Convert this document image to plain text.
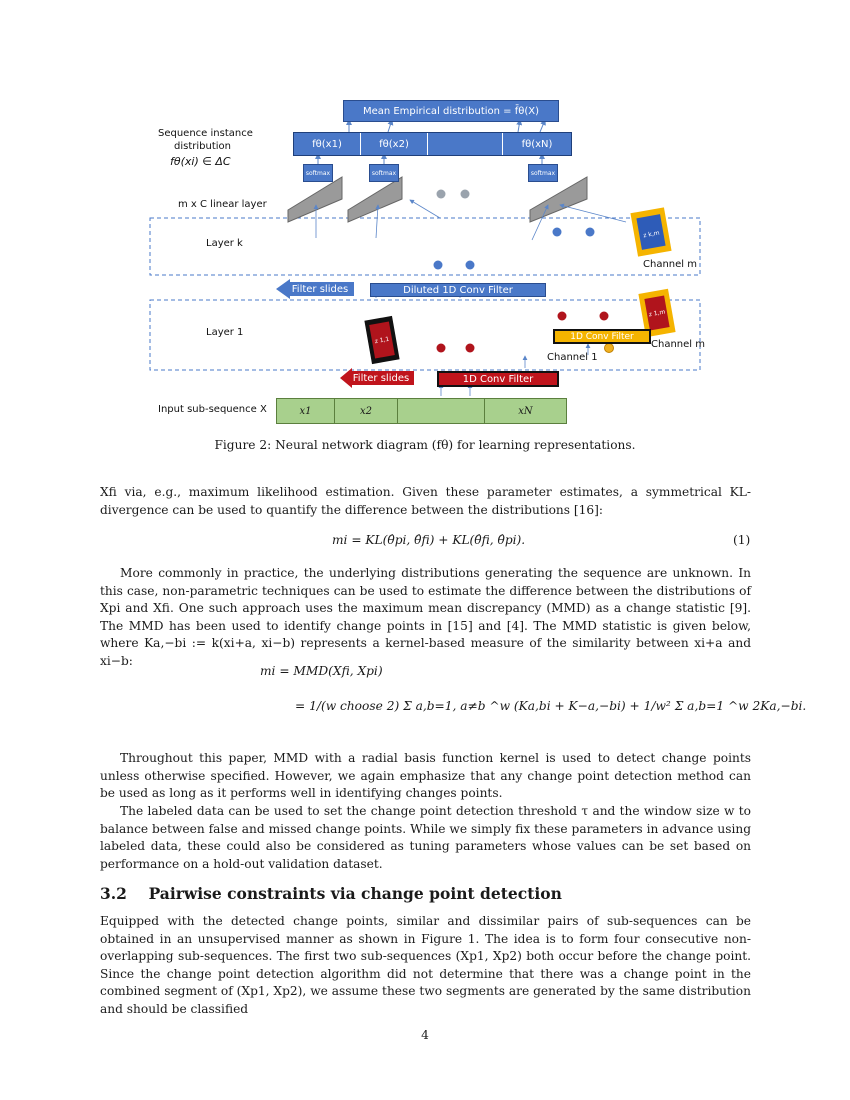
z k,m
z 1,m
z 1,1
Mean Empirical distribution = f̄θ(X)
fθ(x1)	fθ(x2)	fθ(xN)
Sequence instance
distribution
fθ(xi) ∈ ΔC
softmax	softmax	softmax
m x C linear layer
Layer k
Channel m
Filter slides	Diluted 1D Conv Filter
Layer 1	1D Conv Filter
Channel m
Channel 1
Filter slides	1D Conv Filter
Input sub-sequence X	x1	x2	xN
Figure 2: Neural network diagram (fθ) for learning representations.

Xfi via, e.g., maximum likelihood estimation. Given these parameter estimates, a symmetrical KL-divergence can be used to quantify the difference between the distributions [16]:

mi = KL(θ̂pi, θ̂fi) + KL(θ̂fi, θ̂pi).	(1)

More commonly in practice, the underlying distributions generating the sequence are unknown. In this case, non-parametric techniques can be used to estimate the difference between the distributions of Xpi and Xfi. One such approach uses the maximum mean discrepancy (MMD) as a change statistic [9]. The MMD has been used to identify change points in [15] and [4]. The MMD statistic is given below, where Ka,−bi := k(xi+a, xi−b) represents a kernel-based measure of the similarity between xi+a and xi−b:

mi = MMD(Xfi, Xpi)
= 1/(w choose 2) Σ a,b=1, a≠b ^w (Ka,bi + K−a,−bi) + 1/w² Σ a,b=1 ^w 2Ka,−bi.

Throughout this paper, MMD with a radial basis function kernel is used to detect change points unless otherwise specified. However, we again emphasize that any change point detection method can be used as long as it performs well in identifying changes points.

The labeled data can be used to set the change point detection threshold τ and the window size w to balance between false and missed change points. While we simply fix these parameters in advance using labeled data, these could also be considered as tuning parameters whose values can be set based on performance on a hold-out validation dataset.

3.2 Pairwise constraints via change point detection

Equipped with the detected change points, similar and dissimilar pairs of sub-sequences can be obtained in an unsupervised manner as shown in Figure 1. The idea is to form four consecutive non-overlapping sub-sequences. The first two sub-sequences (Xp1, Xp2) both occur before the change point. Since the change point detection algorithm did not determine that there was a change point in the combined segment of (Xp1, Xp2), we assume these two segments are generated by the same distribution and should be classified

4
